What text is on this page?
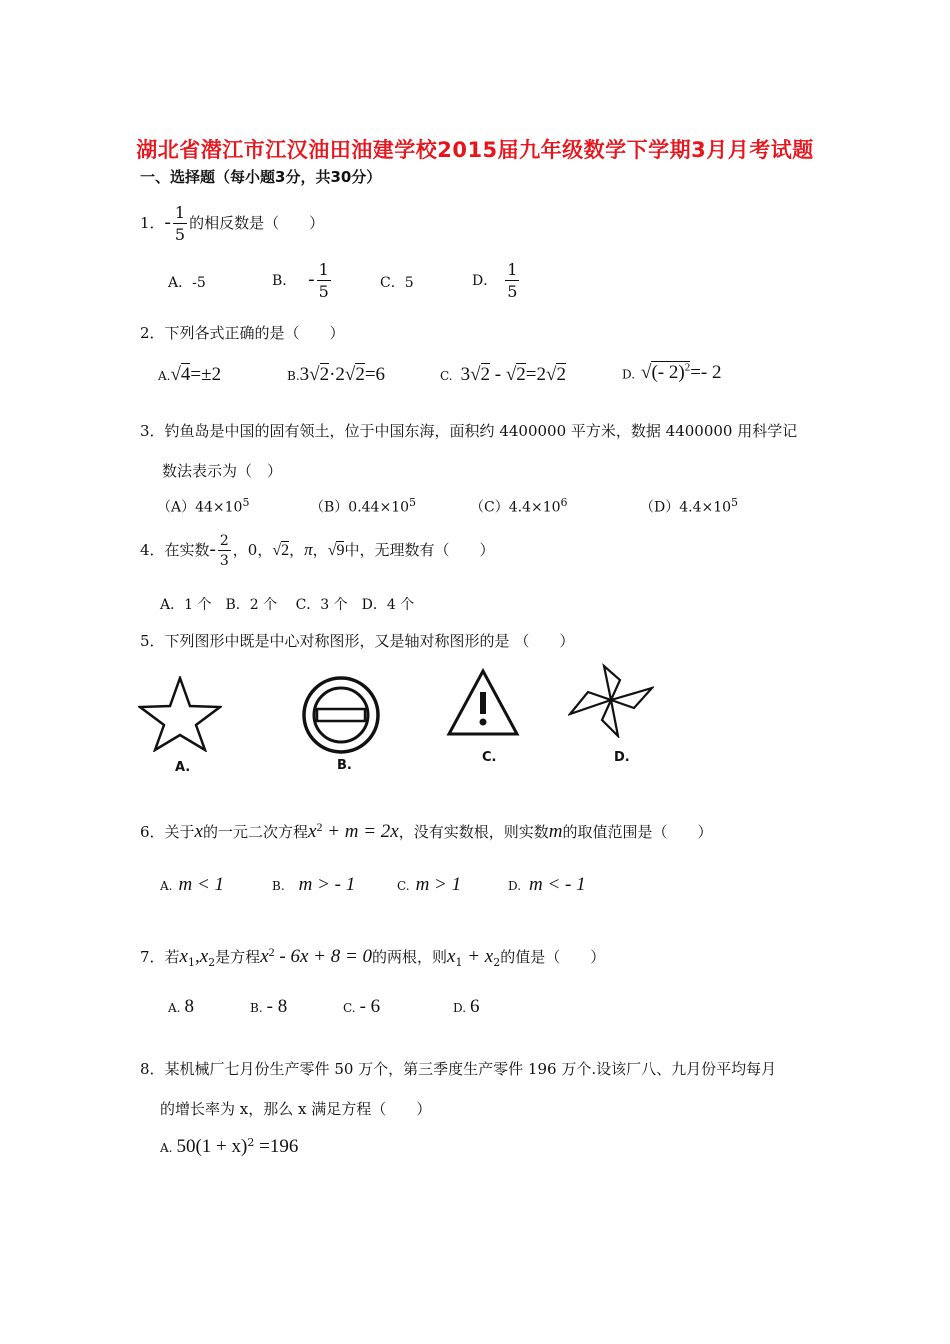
湖北省潜江市江汉油田油建学校2015届九年级数学下学期3月月考试题
一、选择题（每小题3分，共30分）
1．- $\frac{1}{5}$ 的相反数是（　　）
A．-5	B． - $\frac{1}{5}$	C．5	D． $\frac{1}{5}$
2．下列各式正确的是（　　）
A.√4=±2	B.3√2·2√2=6	C. 3√2 - √2=2√2	D. √(- 2)$^2$=- 2
3．钓鱼岛是中国的固有领土，位于中国东海，面积约 4400000 平方米，数据 4400000 用科学记
数法表示为（　）
$(A)44\times 10^5$	$(B)0.44\times 10^5$	$(C)4.4\times 10^6$	$(D)4.4\times 10^5$
4．在实数- $\frac{2}{3}$ ，0，√2，π，√9中，无理数有（　　）
A．1 个　B．2 个　 C．3 个　D．4 个
5．下列图形中既是中心对称图形，又是轴对称图形的是 （　　）
A.	B.
C.	D.
6．关于x的一元二次方程$x^2 + m = 2x$，没有实数根，则实数m的取值范围是（　　）
A. m < 1	B. m > - 1	C. m > 1	D. m < - 1
7．若$x_1,x_2$是方程$x^2 - 6x + 8 = 0$的两根，则$x_1 + x_2$的值是（　　）
A. 8	B. - 8	C. - 6	D. 6
8．某机械厂七月份生产零件 50 万个，第三季度生产零件 196 万个.设该厂八、九月份平均每月
的增长率为 x，那么 x 满足方程（　　）
A. $50(1 + x)^2 =196$
